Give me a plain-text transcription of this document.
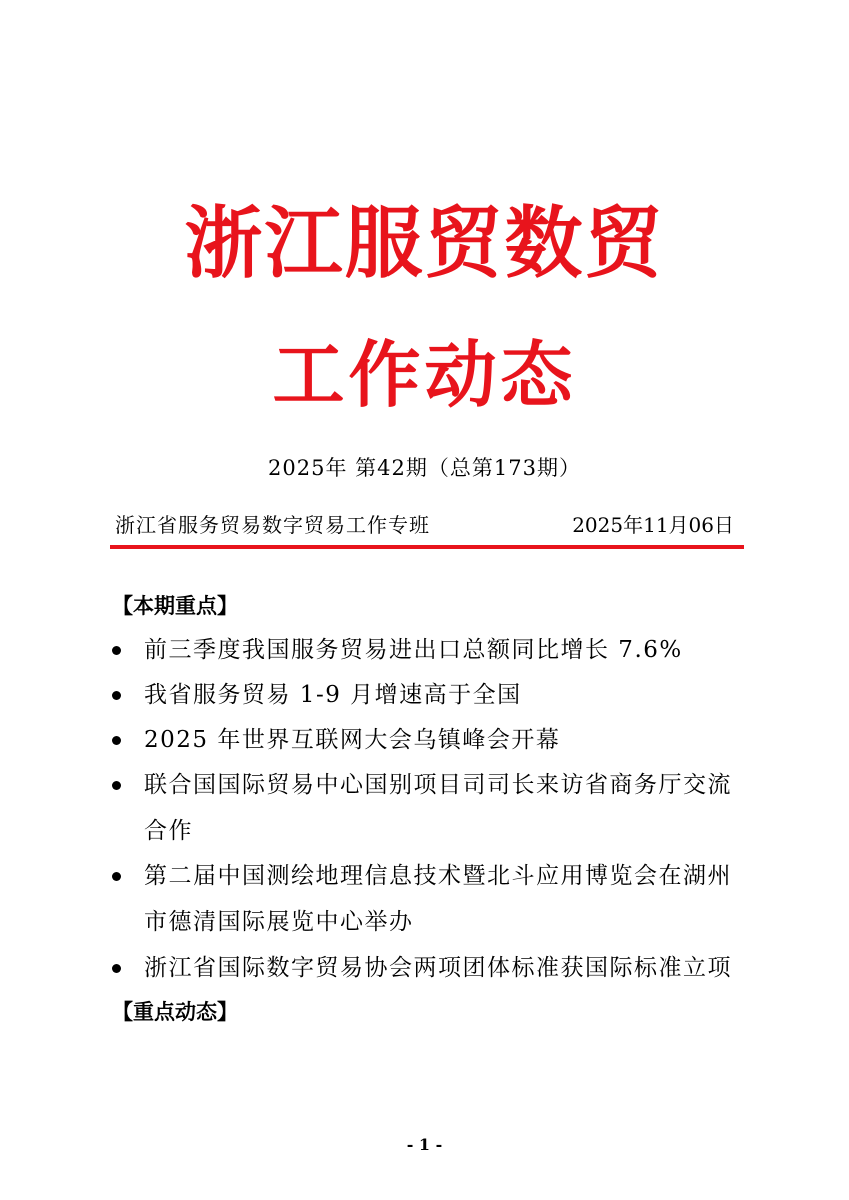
浙江服贸数贸
工作动态
2025年 第42期（总第173期）
浙江省服务贸易数字贸易工作专班	2025年11月06日
【本期重点】
前三季度我国服务贸易进出口总额同比增长 7.6%
我省服务贸易 1-9 月增速高于全国
2025 年世界互联网大会乌镇峰会开幕
联合国国际贸易中心国别项目司司长来访省商务厅交流合作
第二届中国测绘地理信息技术暨北斗应用博览会在湖州市德清国际展览中心举办
浙江省国际数字贸易协会两项团体标准获国际标准立项
【重点动态】
- 1 -
